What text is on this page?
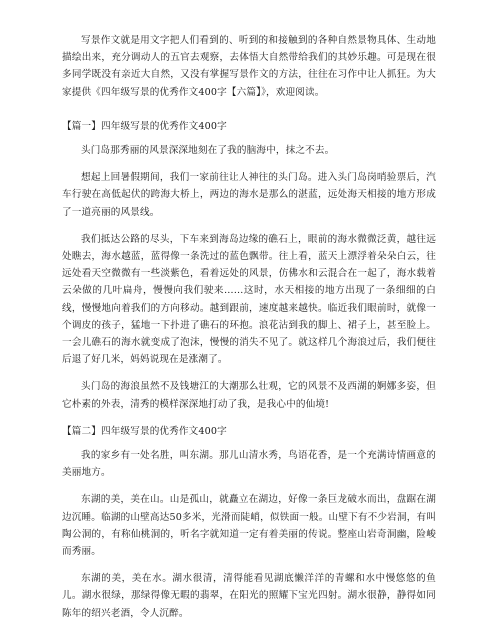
写景作文就是用文字把人们看到的、听到的和接触到的各种自然景物具体、生动地描绘出来，充分调动人的五官去观察，去体悟大自然带给我们的其妙乐趣。可是现在很多同学既没有亲近大自然，又没有掌握写景作文的方法，往往在习作中让人抓狂。为大家提供《四年级写景的优秀作文400字【六篇】》，欢迎阅读。

【篇一】四年级写景的优秀作文400字

头门岛那秀丽的风景深深地刻在了我的脑海中，抹之不去。

想起上回暑假期间，我们一家前往让人神往的头门岛。进入头门岛岗哨验票后，汽车行驶在高低起伏的跨海大桥上，两边的海水是那么的湛蓝，远处海天相接的地方形成了一道亮丽的风景线。

我们抵达公路的尽头，下车来到海岛边缘的礁石上，眼前的海水微微泛黄，越往远处瞧去，海水越蓝，蓝得像一条洗过的蓝色飘带。往上看，蓝天上漂浮着朵朵白云，往远处看天空微微有一些淡紫色，看着远处的风景，仿佛水和云混合在一起了，海水载着云朵做的几叶扁舟，慢慢向我们驶来……这时，水天相接的地方出现了一条细细的白线，慢慢地向着我们的方向移动。越到跟前，速度越来越快。临近我们眼前时，就像一个调皮的孩子，猛地一下扑进了礁石的环抱。浪花沾到我的脚上、裙子上，甚至脸上。一会儿礁石的海水就变成了泡沫，慢慢的消失不见了。就这样几个海浪过后，我们便往后退了好几米，妈妈说现在是涨潮了。

头门岛的海浪虽然不及钱塘江的大潮那么壮观，它的风景不及西湖的婀娜多姿，但它朴素的外表，清秀的模样深深地打动了我，是我心中的仙境!

【篇二】四年级写景的优秀作文400字

我的家乡有一处名胜，叫东湖。那儿山清水秀，鸟语花香，是一个充满诗情画意的美丽地方。

东湖的美，美在山。山是孤山，就矗立在湖边，好像一条巨龙破水而出，盘踞在湖边沉睡。临湖的山壁高达50多米，光滑而陡峭，似铁面一般。山壁下有不少岩洞，有叫陶公洞的，有称仙桃洞的，听名字就知道一定有着美丽的传说。整座山岩奇洞幽，险峻而秀丽。

东湖的美，美在水。湖水很清，清得能看见湖底懒洋洋的青螺和水中慢悠悠的鱼儿。湖水很绿，那绿得像无暇的翡翠，在阳光的照耀下宝光四射。湖水很静，静得如同陈年的绍兴老酒，令人沉醉。
